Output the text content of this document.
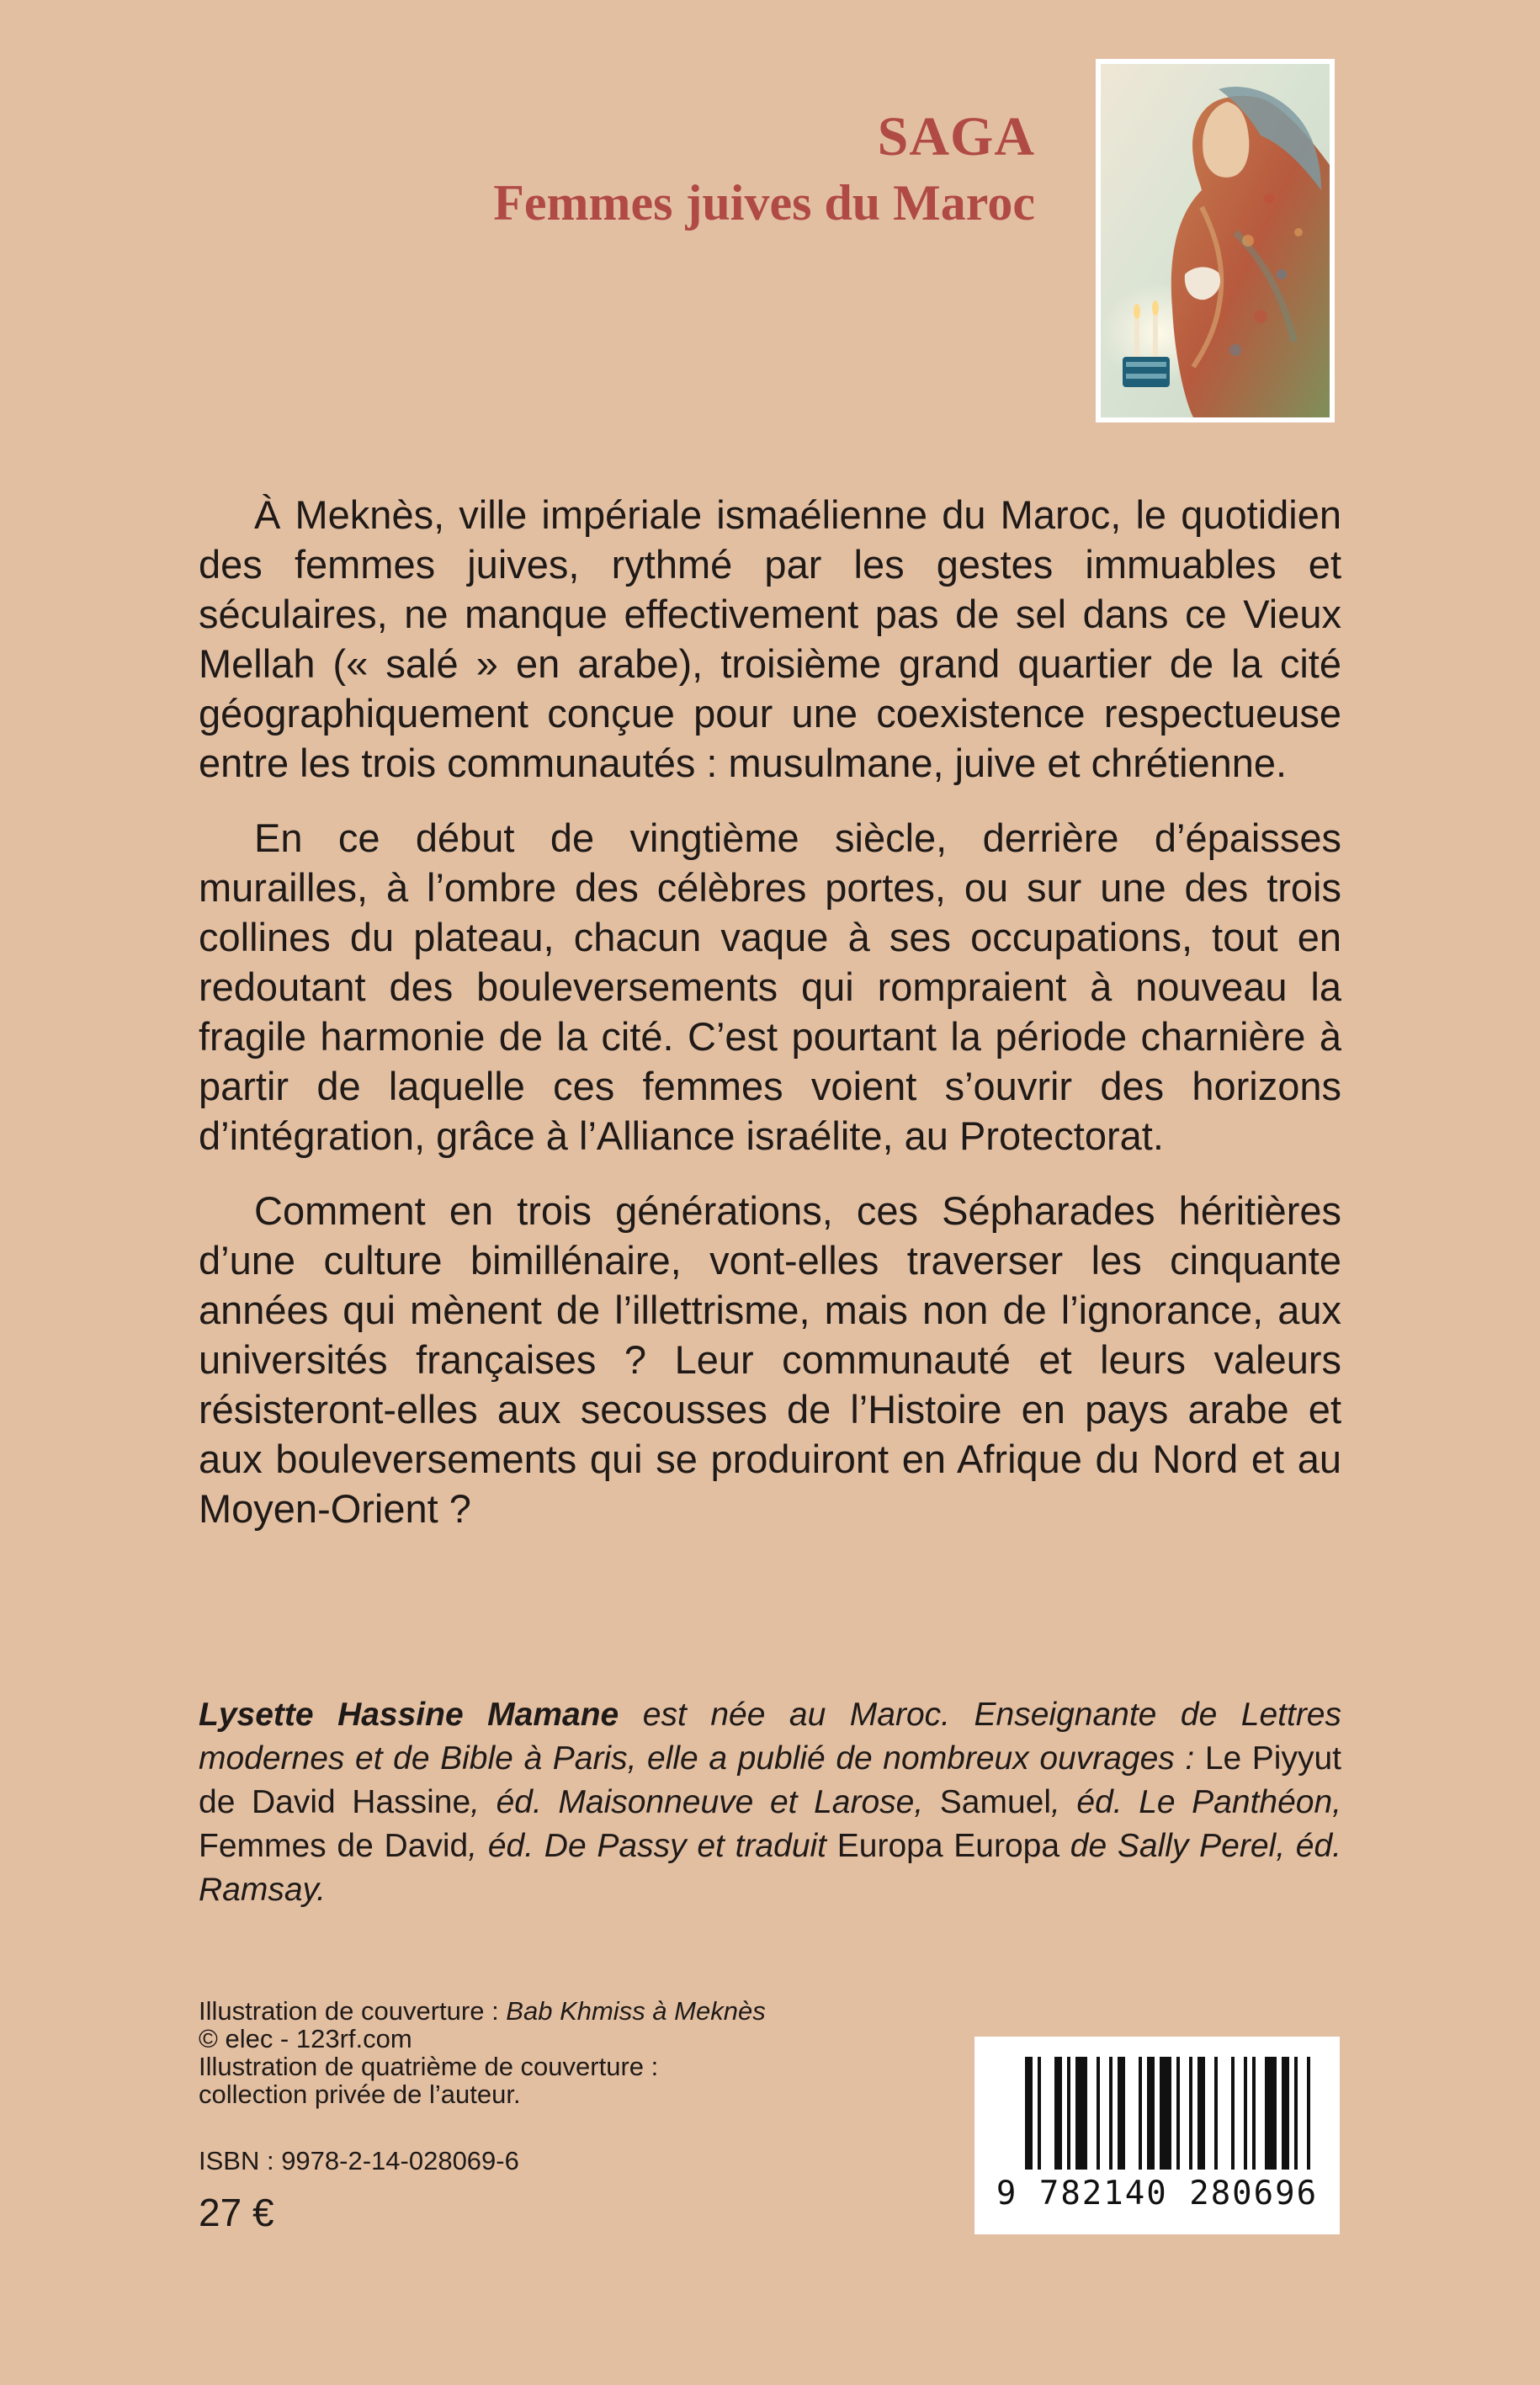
SAGA
Femmes juives du Maroc

À Meknès, ville impériale ismaélienne du Maroc, le quotidien des femmes juives, rythmé par les gestes immuables et séculaires, ne manque effectivement pas de sel dans ce Vieux Mellah (« salé » en arabe), troisième grand quartier de la cité géographiquement conçue pour une coexistence respectueuse entre les trois communautés : musulmane, juive et chrétienne.

En ce début de vingtième siècle, derrière d’épaisses murailles, à l’ombre des célèbres portes, ou sur une des trois collines du plateau, chacun vaque à ses occupations, tout en redoutant des bouleversements qui rompraient à nouveau la fragile harmonie de la cité. C’est pourtant la période charnière à partir de laquelle ces femmes voient s’ouvrir des horizons d’intégration, grâce à l’Alliance israélite, au Protectorat.

Comment en trois générations, ces Sépharades héritières d’une culture bimillénaire, vont-elles traverser les cinquante années qui mènent de l’illettrisme, mais non de l’ignorance, aux universités françaises ? Leur communauté et leurs valeurs résisteront-elles aux secousses de l’Histoire en pays arabe et aux bouleversements qui se produiront en Afrique du Nord et au Moyen-Orient ?

Lysette Hassine Mamane est née au Maroc. Enseignante de Lettres modernes et de Bible à Paris, elle a publié de nombreux ouvrages : Le Piyyut de David Hassine, éd. Maisonneuve et Larose, Samuel, éd. Le Panthéon, Femmes de David, éd. De Passy et traduit Europa Europa de Sally Perel, éd. Ramsay.
Illustration de couverture : Bab Khmiss à Meknès
© elec - 123rf.com
Illustration de quatrième de couverture :
collection privée de l’auteur.
ISBN : 9978-2-14-028069-6
27 €	9 782140 280696
